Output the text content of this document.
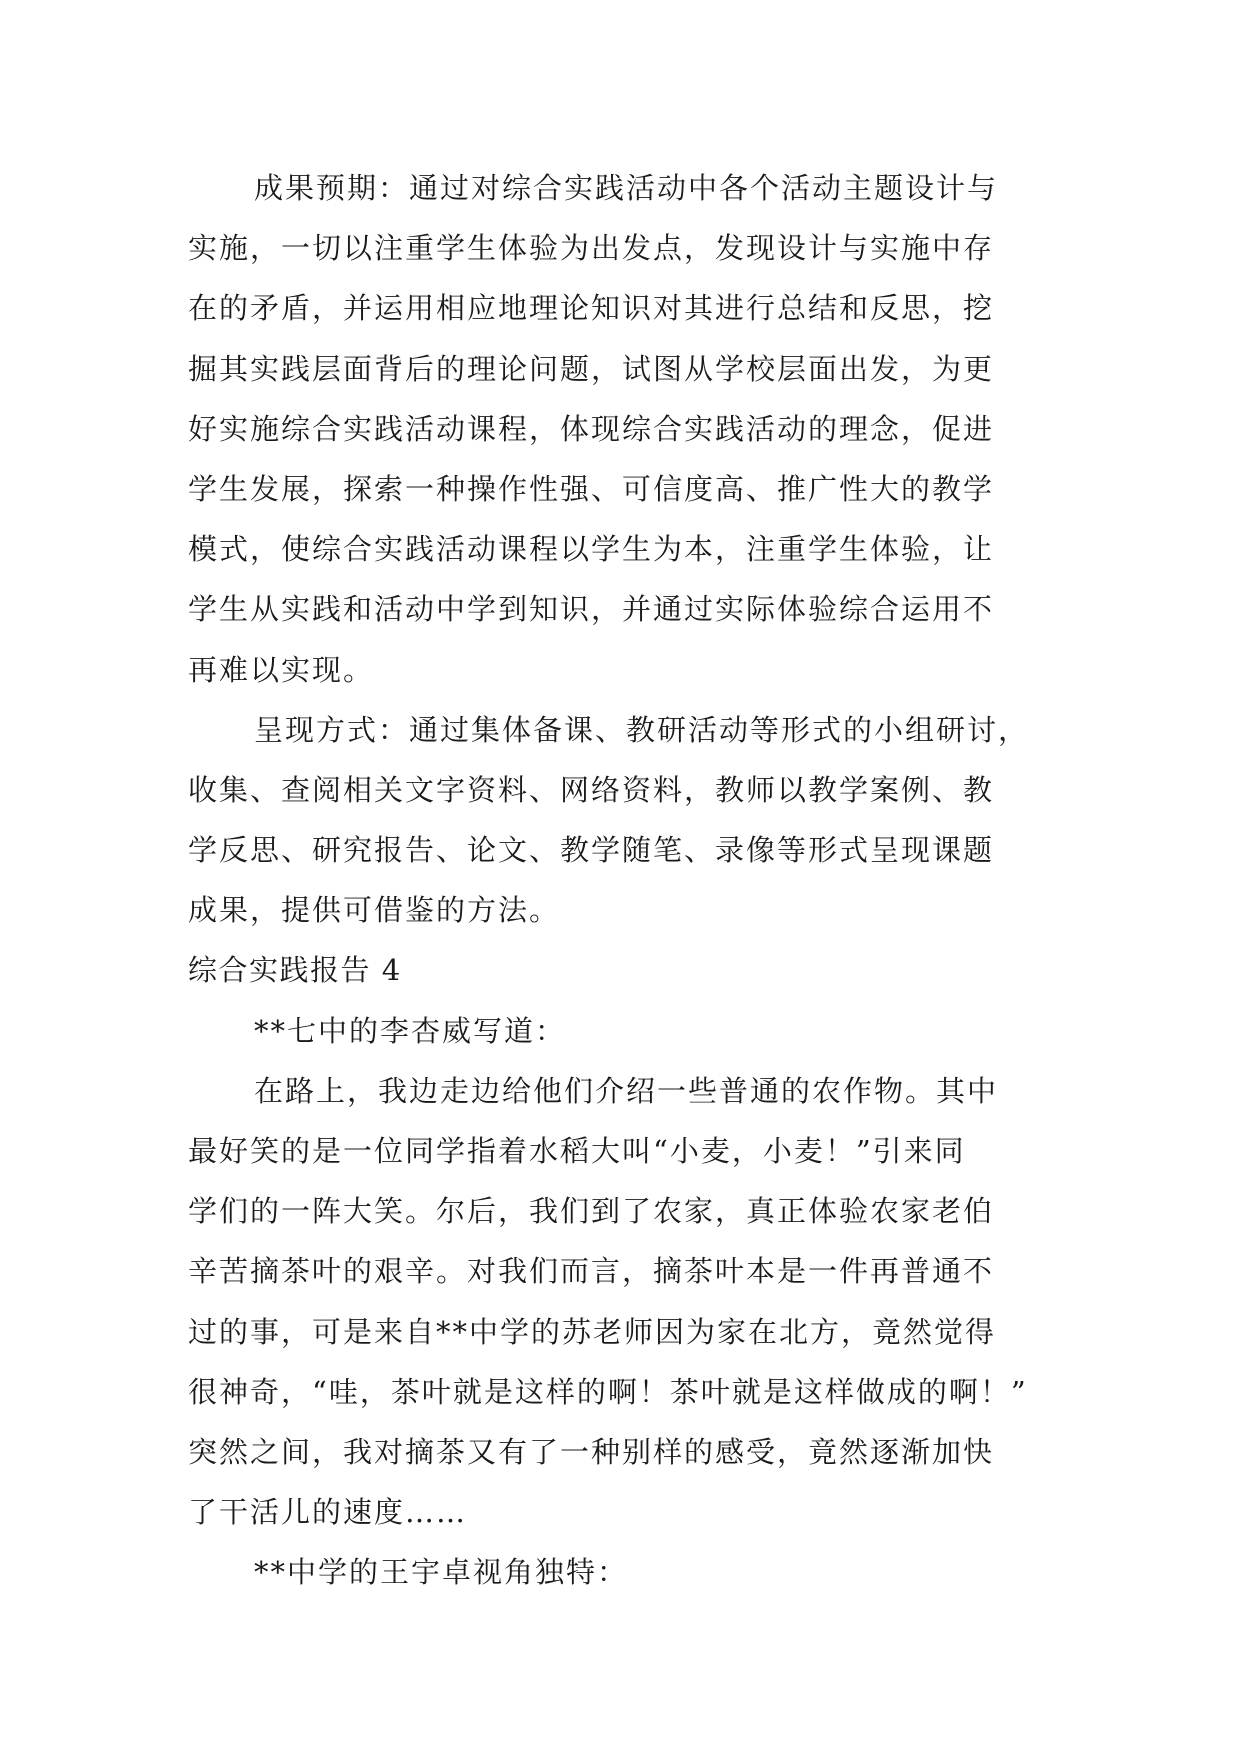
成果预期：通过对综合实践活动中各个活动主题设计与
实施，一切以注重学生体验为出发点，发现设计与实施中存
在的矛盾，并运用相应地理论知识对其进行总结和反思，挖
掘其实践层面背后的理论问题，试图从学校层面出发，为更
好实施综合实践活动课程，体现综合实践活动的理念，促进
学生发展，探索一种操作性强、可信度高、推广性大的教学
模式，使综合实践活动课程以学生为本，注重学生体验，让
学生从实践和活动中学到知识，并通过实际体验综合运用不
再难以实现。
呈现方式：通过集体备课、教研活动等形式的小组研讨，
收集、查阅相关文字资料、网络资料，教师以教学案例、教
学反思、研究报告、论文、教学随笔、录像等形式呈现课题
成果，提供可借鉴的方法。
综合实践报告 4
**七中的李杏威写道：
在路上，我边走边给他们介绍一些普通的农作物。其中
最好笑的是一位同学指着水稻大叫“小麦，小麦！”引来同
学们的一阵大笑。尔后，我们到了农家，真正体验农家老伯
辛苦摘茶叶的艰辛。对我们而言，摘茶叶本是一件再普通不
过的事，可是来自**中学的苏老师因为家在北方，竟然觉得
很神奇，“哇，茶叶就是这样的啊！茶叶就是这样做成的啊！”
突然之间，我对摘茶又有了一种别样的感受，竟然逐渐加快
了干活儿的速度……
**中学的王宇卓视角独特：
